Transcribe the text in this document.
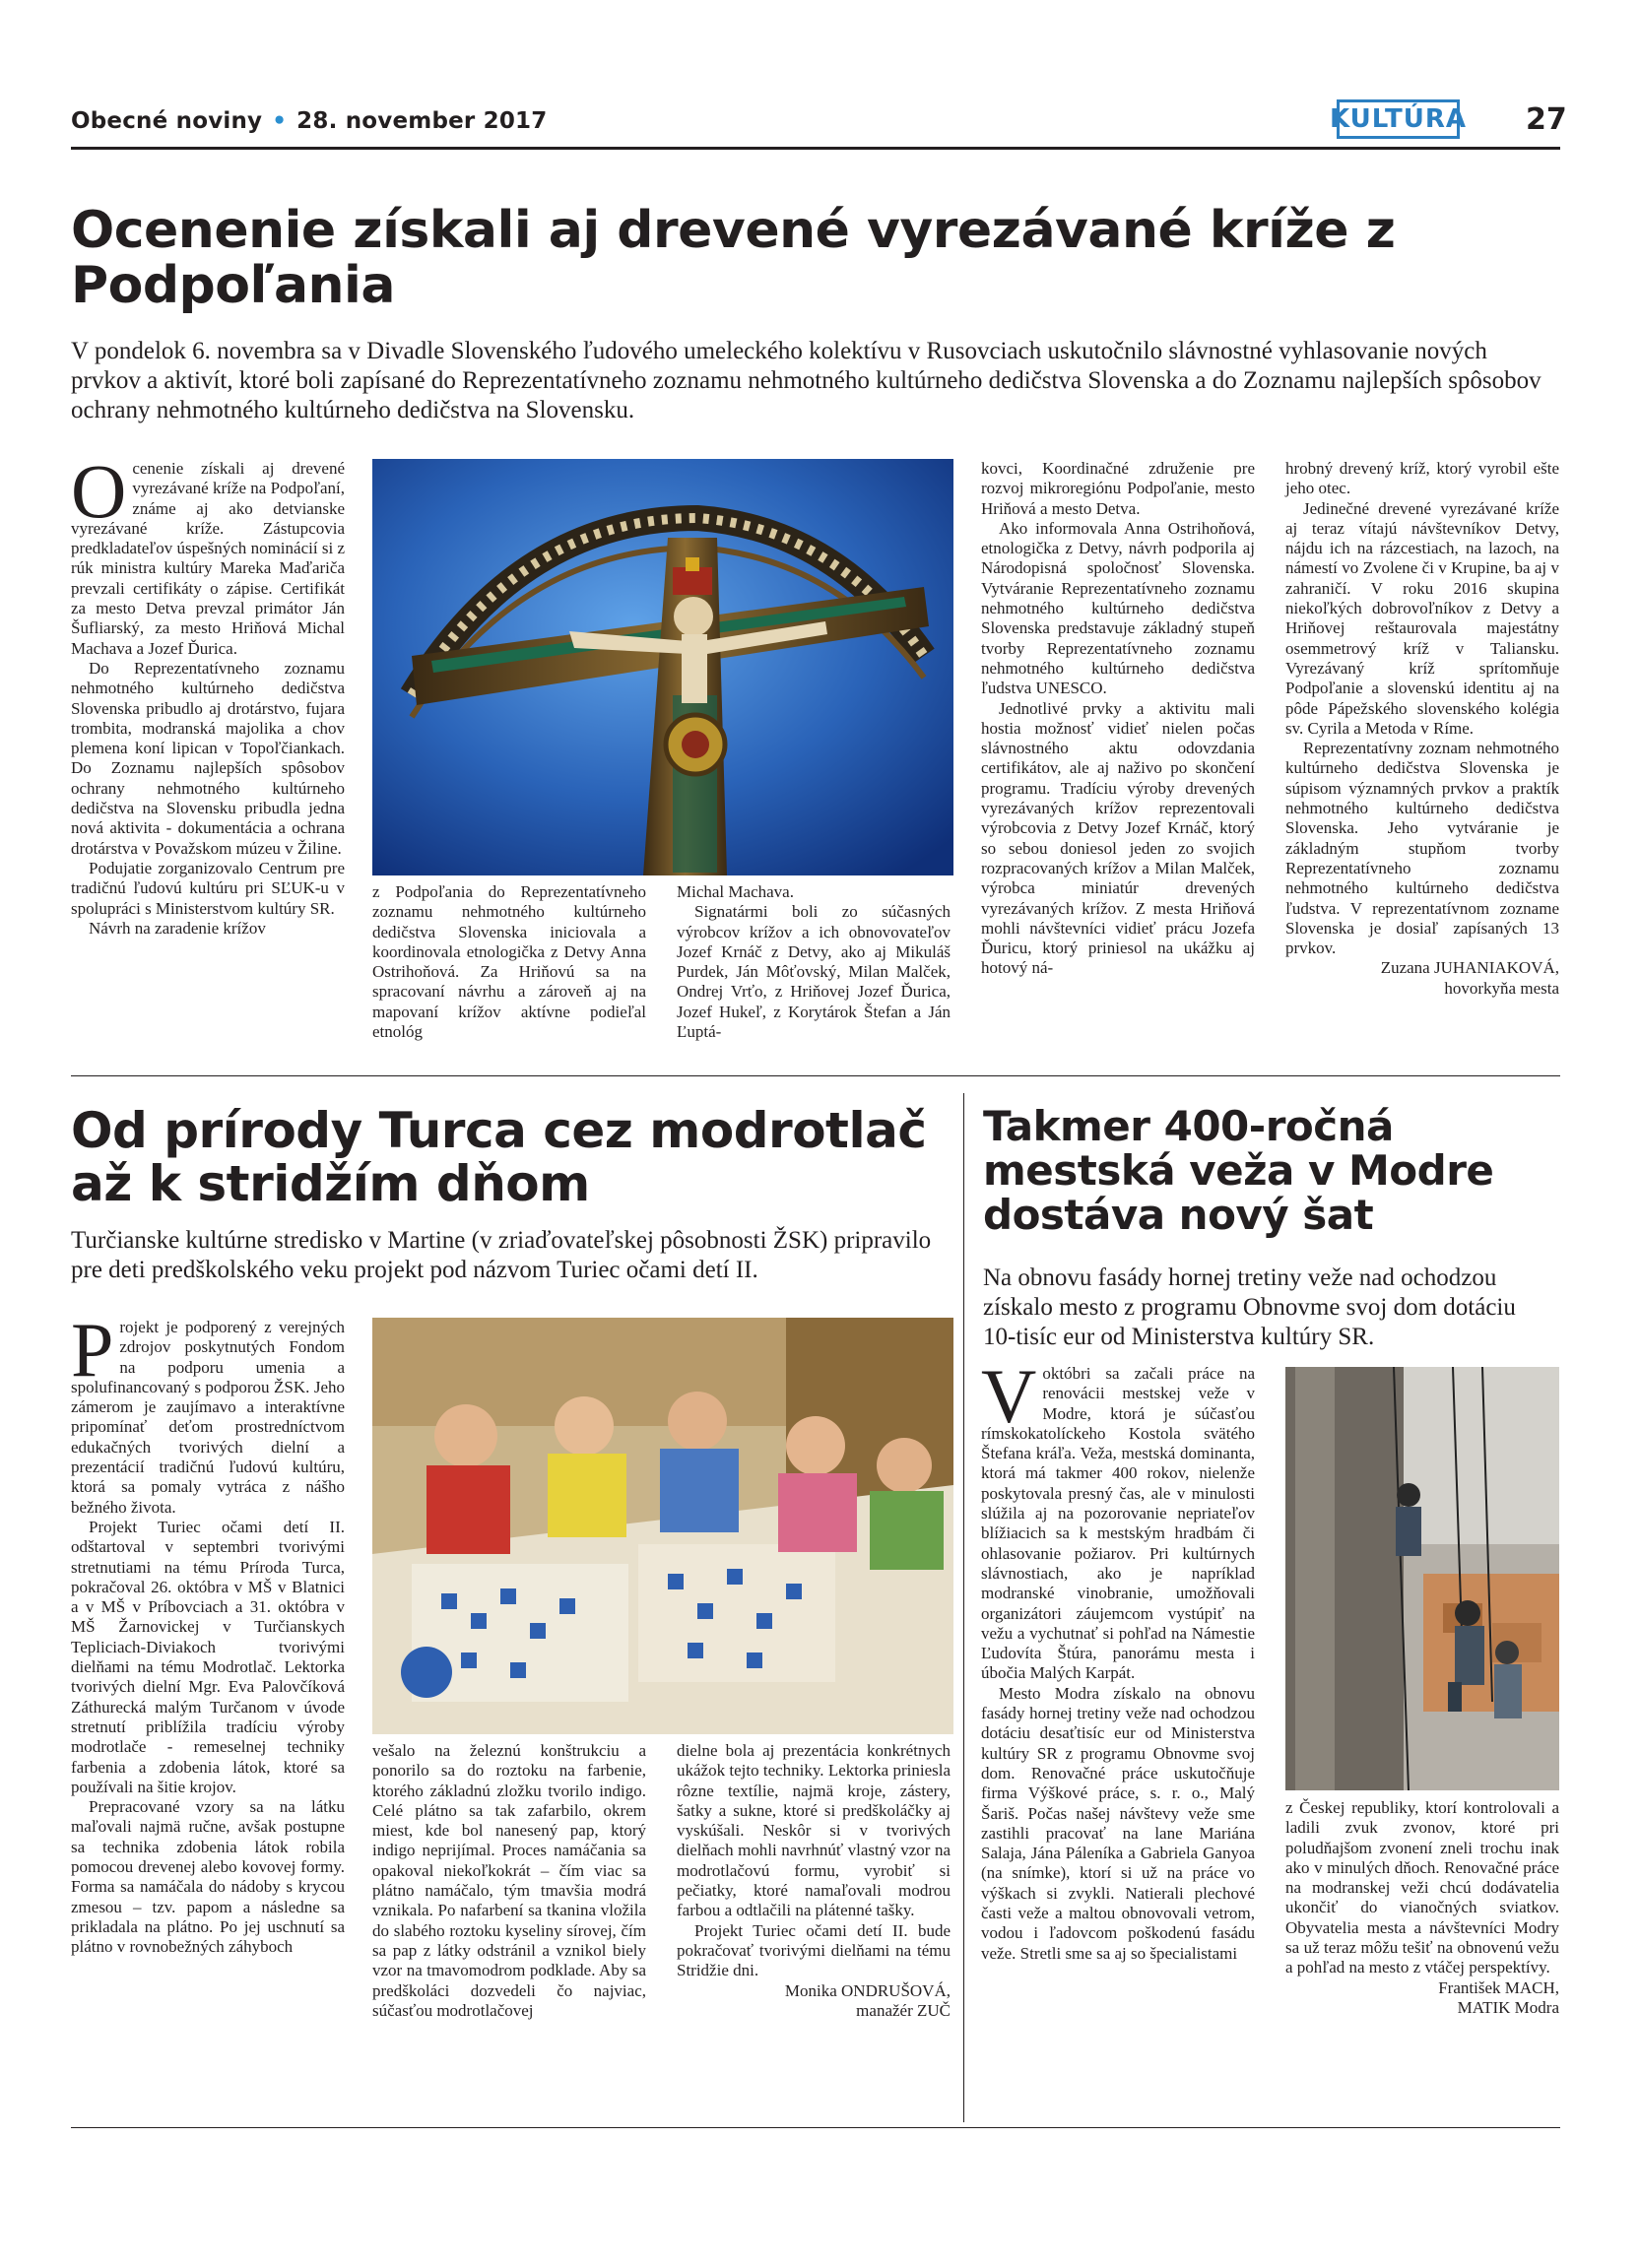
Obecné noviny • 28. november 2017	KULTÚRA 27
Ocenenie získali aj drevené vyrezávané kríže z Podpoľania
V pondelok 6. novembra sa v Divadle Slovenského ľudového umeleckého kolektívu v Rusovciach uskutočnilo slávnostné vyhlasovanie nových prvkov a aktivít, ktoré boli zapísané do Reprezentatívneho zoznamu nehmotného kultúrneho dedičstva Slovenska a do Zoznamu najlepších spôsobov ochrany nehmotného kultúrneho dedičstva na Slovensku.

Ocenenie získali aj drevené vyrezávané kríže na Podpoľaní, známe aj ako detvianske vyrezávané kríže. Zástupcovia predkladateľov úspešných nominácií si z rúk ministra kultúry Mareka Maďariča prevzali certifikáty o zápise. Certifikát za mesto Detva prevzal primátor Ján Šufliarský, za mesto Hriňová Michal Machava a Jozef Ďurica.

Do Reprezentatívneho zoznamu nehmotného kultúrneho dedičstva Slovenska pribudlo aj drotárstvo, fujara trombita, modranská majolika a chov plemena koní lipican v Topoľčiankach. Do Zoznamu najlepších spôsobov ochrany nehmotného kultúrneho dedičstva na Slovensku pribudla jedna nová aktivita - dokumentácia a ochrana drotárstva v Považskom múzeu v Žiline.

Podujatie zorganizovalo Centrum pre tradičnú ľudovú kultúru pri SĽUK-u v spolupráci s Ministerstvom kultúry SR.

Návrh na zaradenie krížov

z Podpoľania do Reprezentatívneho zoznamu nehmotného kultúrneho dedičstva Slovenska iniciovala a koordinovala etnologička z Detvy Anna Ostrihoňová. Za Hriňovú sa na spracovaní návrhu a zároveň aj na mapovaní krížov aktívne podieľal etnológ

Michal Machava.

Signatármi boli zo súčasných výrobcov krížov a ich obnovovateľov Jozef Krnáč z Detvy, ako aj Mikuláš Purdek, Ján Môťovský, Milan Malček, Ondrej Vrťo, z Hriňovej Jozef Ďurica, Jozef Hukeľ, z Korytárok Štefan a Ján Ľuptá-

kovci, Koordinačné združenie pre rozvoj mikroregiónu Podpoľanie, mesto Hriňová a mesto Detva.

Ako informovala Anna Ostrihoňová, etnologička z Detvy, návrh podporila aj Národopisná spoločnosť Slovenska. Vytváranie Reprezentatívneho zoznamu nehmotného kultúrneho dedičstva Slovenska predstavuje základný stupeň tvorby Reprezentatívneho zoznamu nehmotného kultúrneho dedičstva ľudstva UNESCO.

Jednotlivé prvky a aktivitu mali hostia možnosť vidieť nielen počas slávnostného aktu odovzdania certifikátov, ale aj naživo po skončení programu. Tradíciu výroby drevených vyrezávaných krížov reprezentovali výrobcovia z Detvy Jozef Krnáč, ktorý so sebou doniesol jeden zo svojich rozpracovaných krížov a Milan Malček, výrobca miniatúr drevených vyrezávaných krížov. Z mesta Hriňová mohli návštevníci vidieť prácu Jozefa Ďuricu, ktorý priniesol na ukážku aj hotový ná-

hrobný drevený kríž, ktorý vyrobil ešte jeho otec.

Jedinečné drevené vyrezávané kríže aj teraz vítajú návštevníkov Detvy, nájdu ich na rázcestiach, na lazoch, na námestí vo Zvolene či v Krupine, ba aj v zahraničí. V roku 2016 skupina niekoľkých dobrovoľníkov z Detvy a Hriňovej reštaurovala majestátny osemmetrový kríž v Taliansku. Vyrezávaný kríž sprítomňuje Podpoľanie a slovenskú identitu aj na pôde Pápežského slovenského kolégia sv. Cyrila a Metoda v Ríme.

Reprezentatívny zoznam nehmotného kultúrneho dedičstva Slovenska je súpisom významných prvkov a praktík nehmotného kultúrneho dedičstva Slovenska. Jeho vytváranie je základným stupňom tvorby Reprezentatívneho zoznamu nehmotného kultúrneho dedičstva ľudstva. V reprezentatívnom zozname Slovenska je dosiaľ zapísaných 13 prvkov.

Zuzana JUHANIAKOVÁ,

hovorkyňa mesta

Od prírody Turca cez modrotlač až k stridžím dňom
Turčianske kultúrne stredisko v Martine (v zriaďovateľskej pôsobnosti ŽSK) pripravilo pre deti predškolského veku projekt pod názvom Turiec očami detí II.

Projekt je podporený z verejných zdrojov poskytnutých Fondom na podporu umenia a spolufinancovaný s podporou ŽSK. Jeho zámerom je zaujímavo a interaktívne pripomínať deťom prostredníctvom edukačných tvorivých dielní a prezentácií tradičnú ľudovú kultúru, ktorá sa pomaly vytráca z nášho bežného života.

Projekt Turiec očami detí II. odštartoval v septembri tvorivými stretnutiami na tému Príroda Turca, pokračoval 26. októbra v MŠ v Blatnici a v MŠ v Príbovciach a 31. októbra v MŠ Žarnovickej v Turčianskych Tepliciach-Diviakoch tvorivými dielňami na tému Modrotlač. Lektorka tvorivých dielní Mgr. Eva Palovčíková Záthurecká malým Turčanom v úvode stretnutí priblížila tradíciu výroby modrotlače - remeselnej techniky farbenia a zdobenia látok, ktoré sa používali na šitie krojov.

Prepracované vzory sa na látku maľovali najmä ručne, avšak postupne sa technika zdobenia látok robila pomocou drevenej alebo kovovej formy. Forma sa namáčala do nádoby s krycou zmesou – tzv. papom a následne sa prikladala na plátno. Po jej uschnutí sa plátno v rovnobežných záhyboch

vešalo na železnú konštrukciu a ponorilo sa do roztoku na farbenie, ktorého základnú zložku tvorilo indigo. Celé plátno sa tak zafarbilo, okrem miest, kde bol nanesený pap, ktorý indigo neprijímal. Proces namáčania sa opakoval niekoľkokrát – čím viac sa plátno namáčalo, tým tmavšia modrá vznikala. Po nafarbení sa tkanina vložila do slabého roztoku kyseliny sírovej, čím sa pap z látky odstránil a vznikol biely vzor na tmavomodrom podklade. Aby sa predškoláci dozvedeli čo najviac, súčasťou modrotlačovej

dielne bola aj prezentácia konkrétnych ukážok tejto techniky. Lektorka priniesla rôzne textílie, najmä kroje, zástery, šatky a sukne, ktoré si predškoláčky aj vyskúšali. Neskôr si v tvorivých dielňach mohli navrhnúť vlastný vzor na modrotlačovú formu, vyrobiť si pečiatky, ktoré namaľovali modrou farbou a odtlačili na plátenné tašky.

Projekt Turiec očami detí II. bude pokračovať tvorivými dielňami na tému Stridžie dni.

Monika ONDRUŠOVÁ,

manažér ZUČ

Takmer 400-ročná mestská veža v Modre dostáva nový šat
Na obnovu fasády hornej tretiny veže nad ochodzou získalo mesto z programu Obnovme svoj dom dotáciu 10-tisíc eur od Ministerstva kultúry SR.

Voktóbri sa začali práce na renovácii mestskej veže v Modre, ktorá je súčasťou rímskokatolíckeho Kostola svätého Štefana kráľa. Veža, mestská dominanta, ktorá má takmer 400 rokov, nielenže poskytovala presný čas, ale v minulosti slúžila aj na pozorovanie nepriateľov blížiacich sa k mestským hradbám či ohlasovanie požiarov. Pri kultúrnych slávnostiach, ako je napríklad modranské vinobranie, umožňovali organizátori záujemcom vystúpiť na vežu a vychutnať si pohľad na Námestie Ľudovíta Štúra, panorámu mesta i úbočia Malých Karpát.

Mesto Modra získalo na obnovu fasády hornej tretiny veže nad ochodzou dotáciu desaťtisíc eur od Ministerstva kultúry SR z programu Obnovme svoj dom. Renovačné práce uskutočňuje firma Výškové práce, s. r. o., Malý Šariš. Počas našej návštevy veže sme zastihli pracovať na lane Mariána Salaja, Jána Páleníka a Gabriela Ganyoa (na snímke), ktorí si už na práce vo výškach si zvykli. Natierali plechové časti veže a maltou obnovovali vetrom, vodou i ľadovcom poškodenú fasádu veže. Stretli sme sa aj so špecialistami

z Českej republiky, ktorí kontrolovali a ladili zvuk zvonov, ktoré pri poludňajšom zvonení zneli trochu inak ako v minulých dňoch. Renovačné práce na modranskej veži chcú dodávatelia ukončiť do vianočných sviatkov. Obyvatelia mesta a návštevníci Modry sa už teraz môžu tešiť na obnovenú vežu a pohľad na mesto z vtáčej perspektívy.

František MACH,

MATIK Modra
